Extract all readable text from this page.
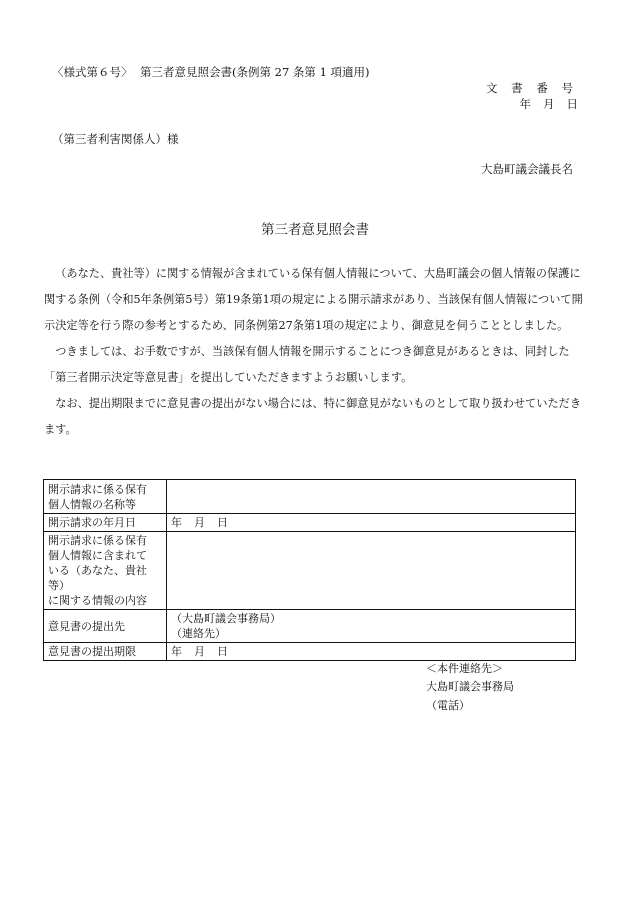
〈様式第６号〉 第三者意見照会書(条例第 27 条第 1 項適用)
文 書 番 号
年 月 日
（第三者利害関係人）様
大島町議会議長名
第三者意見照会書

（あなた、貴社等）に関する情報が含まれている保有個人情報について、大島町議会の個人情報の保護に関する条例（令和5年条例第5号）第19条第1項の規定による開示請求があり、当該保有個人情報について開示決定等を行う際の参考とするため、同条例第27条第1項の規定により、御意見を伺うこととしました。

つきましては、お手数ですが、当該保有個人情報を開示することにつき御意見があるときは、同封した「第三者開示決定等意見書」を提出していただきますようお願いします。

なお、提出期限までに意見書の提出がない場合には、特に御意見がないものとして取り扱わせていただきます。

開示請求に係る保有
個人情報の名称等	

開示請求の年月日	年 月 日

開示請求に係る保有
個人情報に含まれて
いる（あなた、貴社等）
に関する情報の内容	

意見書の提出先	（大島町議会事務局）
（連絡先）

意見書の提出期限	年 月 日
＜本件連絡先＞
大島町議会事務局
（電話）
